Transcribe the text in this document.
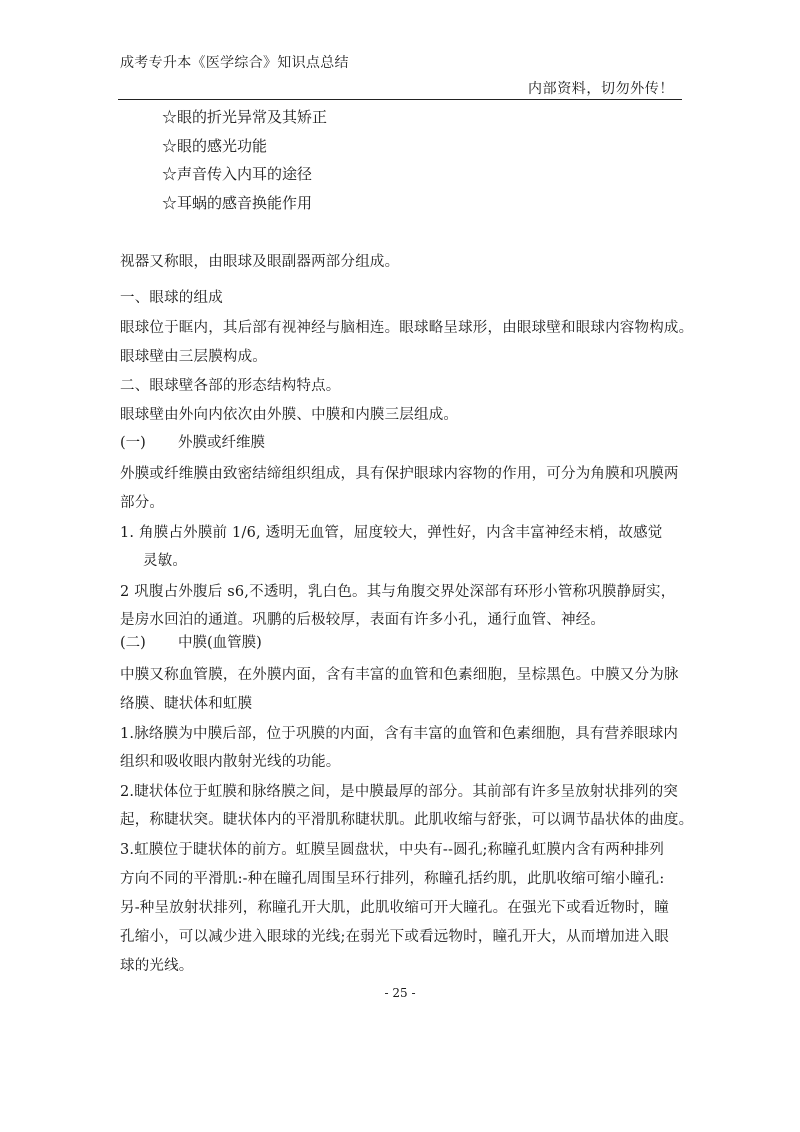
成考专升本《医学综合》知识点总结
内部资料，切勿外传！
☆眼的折光异常及其矫正
☆眼的感光功能
☆声音传入内耳的途径
☆耳蜗的感音换能作用
视器又称眼，由眼球及眼副器两部分组成。
一、眼球的组成
眼球位于眶内，其后部有视神经与脑相连。眼球略呈球形，由眼球壁和眼球内容物构成。
眼球壁由三层膜构成。
二、眼球壁各部的形态结构特点。
眼球壁由外向内依次由外膜、中膜和内膜三层组成。
(一) 外膜或纤维膜
外膜或纤维膜由致密结缔组织组成，具有保护眼球内容物的作用，可分为角膜和巩膜两
部分。
1. 角膜占外膜前 1/6, 透明无血管，屈度较大，弹性好，内含丰富神经末梢，故感觉
灵敏。
2 巩腹占外腹后 s6,不透明，乳白色。其与角腹交界处深部有环形小管称巩膜静厨实，
是房水回泊的通道。巩鹏的后极较厚，表面有许多小孔，通行血管、神经。
(二) 中膜(血管膜)
中膜又称血管膜，在外膜内面，含有丰富的血管和色素细胞，呈棕黑色。中膜又分为脉
络膜、睫状体和虹膜
1.脉络膜为中膜后部，位于巩膜的内面，含有丰富的血管和色素细胞，具有营养眼球内
组织和吸收眼内散射光线的功能。
2.睫状体位于虹膜和脉络膜之间，是中膜最厚的部分。其前部有许多呈放射状排列的突
起，称睫状突。睫状体内的平滑肌称睫状肌。此肌收缩与舒张，可以调节晶状体的曲度。
3.虹膜位于睫状体的前方。虹膜呈圆盘状，中央有--圆孔;称瞳孔虹膜内含有两种排列
方向不同的平滑肌:-种在瞳孔周围呈环行排列，称瞳孔括约肌，此肌收缩可缩小瞳孔:
另-种呈放射状排列，称瞳孔开大肌，此肌收缩可开大瞳孔。在强光下或看近物时，瞳
孔缩小，可以减少进入眼球的光线;在弱光下或看远物时，瞳孔开大，从而增加进入眼
球的光线。
- 25 -
